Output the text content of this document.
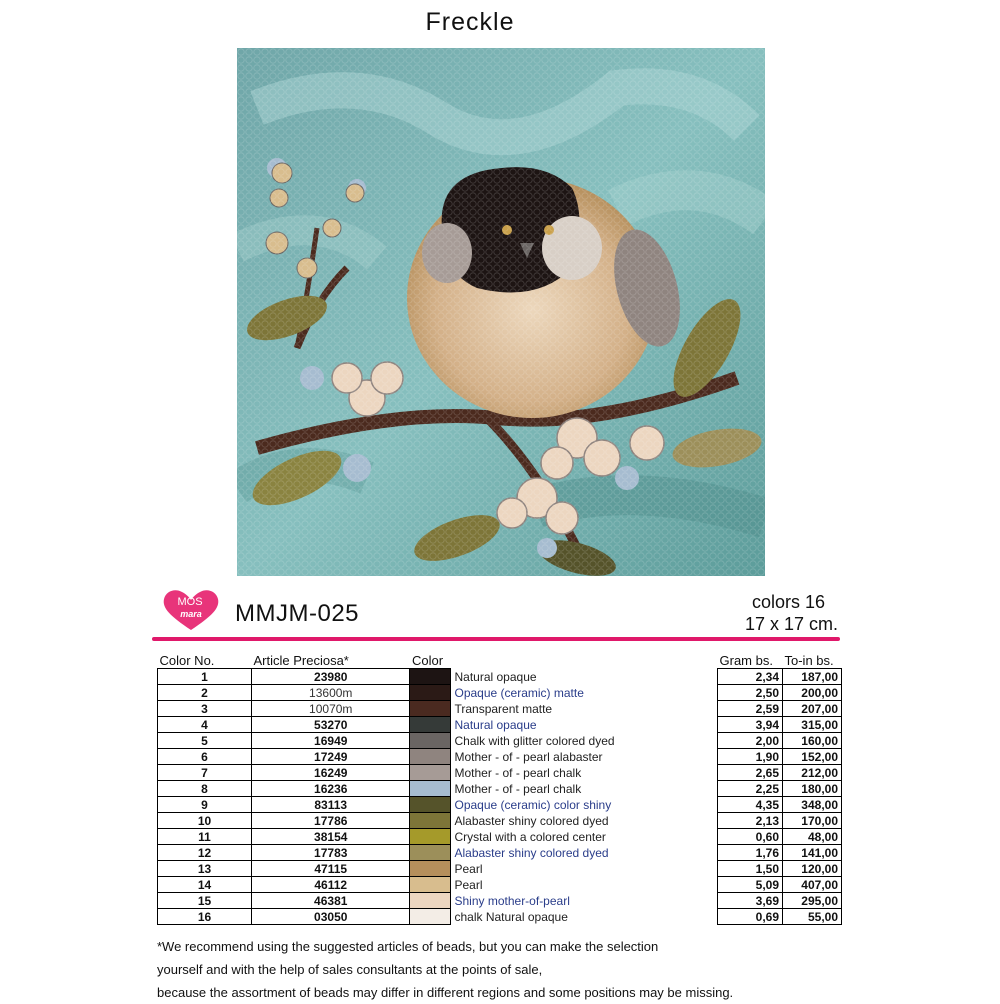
Freckle
MOS
mara MMJM-025	colors 16
17 x 17 cm.
Color No.	Article Preciosa*	Color		Gram bs.	To-in bs.
1	23980		Natural opaque	2,34	187,00
2	13600m		Opaque (ceramic) matte	2,50	200,00
3	10070m		Transparent matte	2,59	207,00
4	53270		Natural opaque	3,94	315,00
5	16949		Chalk with glitter colored dyed	2,00	160,00
6	17249		Mother - of - pearl alabaster	1,90	152,00
7	16249		Mother - of - pearl chalk	2,65	212,00
8	16236		Mother - of - pearl chalk	2,25	180,00
9	83113		Opaque (ceramic) color shiny	4,35	348,00
10	17786		Alabaster shiny colored dyed	2,13	170,00
11	38154		Crystal with a colored center	0,60	48,00
12	17783		Alabaster shiny colored dyed	1,76	141,00
13	47115		Pearl	1,50	120,00
14	46112		Pearl	5,09	407,00
15	46381		Shiny mother-of-pearl	3,69	295,00
16	03050		chalk Natural opaque	0,69	55,00
*We recommend using the suggested articles of beads, but you can make the selection
yourself and with the help of sales consultants at the points of sale,
because the assortment of beads may differ in different regions and some positions may be missing.
